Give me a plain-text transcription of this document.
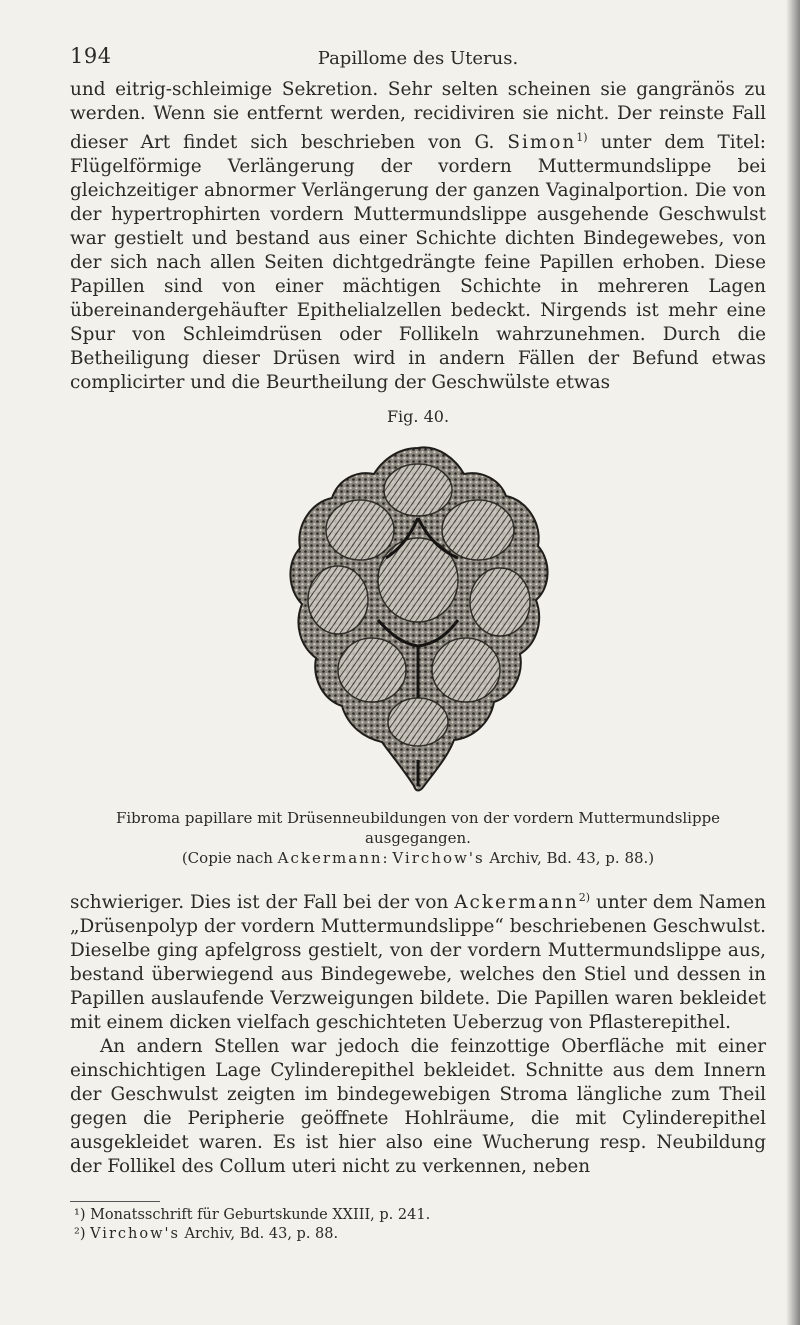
194	Papillome des Uterus.

und eitrig-schleimige Sekretion. Sehr selten scheinen sie gangränös zu werden. Wenn sie entfernt werden, recidiviren sie nicht. Der reinste Fall dieser Art findet sich beschrieben von G. Simon$^{1)}$ unter dem Titel: Flügelförmige Verlängerung der vordern Muttermundslippe bei gleichzeitiger abnormer Verlängerung der ganzen Vaginalportion. Die von der hypertrophirten vordern Muttermundslippe ausgehende Geschwulst war gestielt und bestand aus einer Schichte dichten Bindegewebes, von der sich nach allen Seiten dichtgedrängte feine Papillen erhoben. Diese Papillen sind von einer mächtigen Schichte in mehreren Lagen übereinandergehäufter Epithelialzellen bedeckt. Nirgends ist mehr eine Spur von Schleimdrüsen oder Follikeln wahrzunehmen. Durch die Betheiligung dieser Drüsen wird in andern Fällen der Befund etwas complicirter und die Beurtheilung der Geschwülste etwas

Fig. 40.

Fibroma papillare mit Drüsenneubildungen von der vordern Muttermundslippe ausgegangen.
(Copie nach Ackermann: Virchow's Archiv, Bd. 43, p. 88.)

schwieriger. Dies ist der Fall bei der von Ackermann$^{2)}$ unter dem Namen „Drüsenpolyp der vordern Muttermundslippe“ beschriebenen Geschwulst. Dieselbe ging apfelgross gestielt, von der vordern Muttermundslippe aus, bestand überwiegend aus Bindegewebe, welches den Stiel und dessen in Papillen auslaufende Verzweigungen bildete. Die Papillen waren bekleidet mit einem dicken vielfach geschichteten Ueberzug von Pflasterepithel.

An andern Stellen war jedoch die feinzottige Oberfläche mit einer einschichtigen Lage Cylinderepithel bekleidet. Schnitte aus dem Innern der Geschwulst zeigten im bindegewebigen Stroma längliche zum Theil gegen die Peripherie geöffnete Hohlräume, die mit Cylinderepithel ausgekleidet waren. Es ist hier also eine Wucherung resp. Neubildung der Follikel des Collum uteri nicht zu verkennen, neben

¹) Monatsschrift für Geburtskunde XXIII, p. 241.

²) Virchow's Archiv, Bd. 43, p. 88.
